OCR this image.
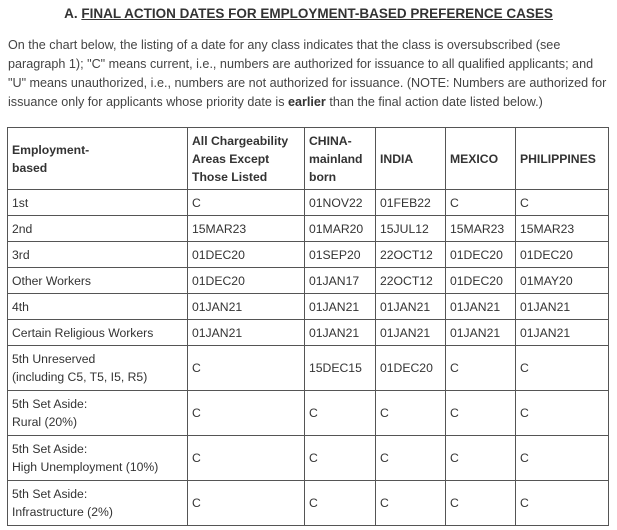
A. FINAL ACTION DATES FOR EMPLOYMENT-BASED PREFERENCE CASES
On the chart below, the listing of a date for any class indicates that the class is oversubscribed (see paragraph 1); "C" means current, i.e., numbers are authorized for issuance to all qualified applicants; and "U" means unauthorized, i.e., numbers are not authorized for issuance. (NOTE: Numbers are authorized for issuance only for applicants whose priority date is earlier than the final action date listed below.)
Employment-
based	All Chargeability
Areas Except
Those Listed	CHINA-
mainland
born	INDIA	MEXICO	PHILIPPINES
1st	C	01NOV22	01FEB22	C	C
2nd	15MAR23	01MAR20	15JUL12	15MAR23	15MAR23
3rd	01DEC20	01SEP20	22OCT12	01DEC20	01DEC20
Other Workers	01DEC20	01JAN17	22OCT12	01DEC20	01MAY20
4th	01JAN21	01JAN21	01JAN21	01JAN21	01JAN21
Certain Religious Workers	01JAN21	01JAN21	01JAN21	01JAN21	01JAN21
5th Unreserved
(including C5, T5, I5, R5)	C	15DEC15	01DEC20	C	C
5th Set Aside:
Rural (20%)	C	C	C	C	C
5th Set Aside:
High Unemployment (10%)	C	C	C	C	C
5th Set Aside:
Infrastructure (2%)	C	C	C	C	C
